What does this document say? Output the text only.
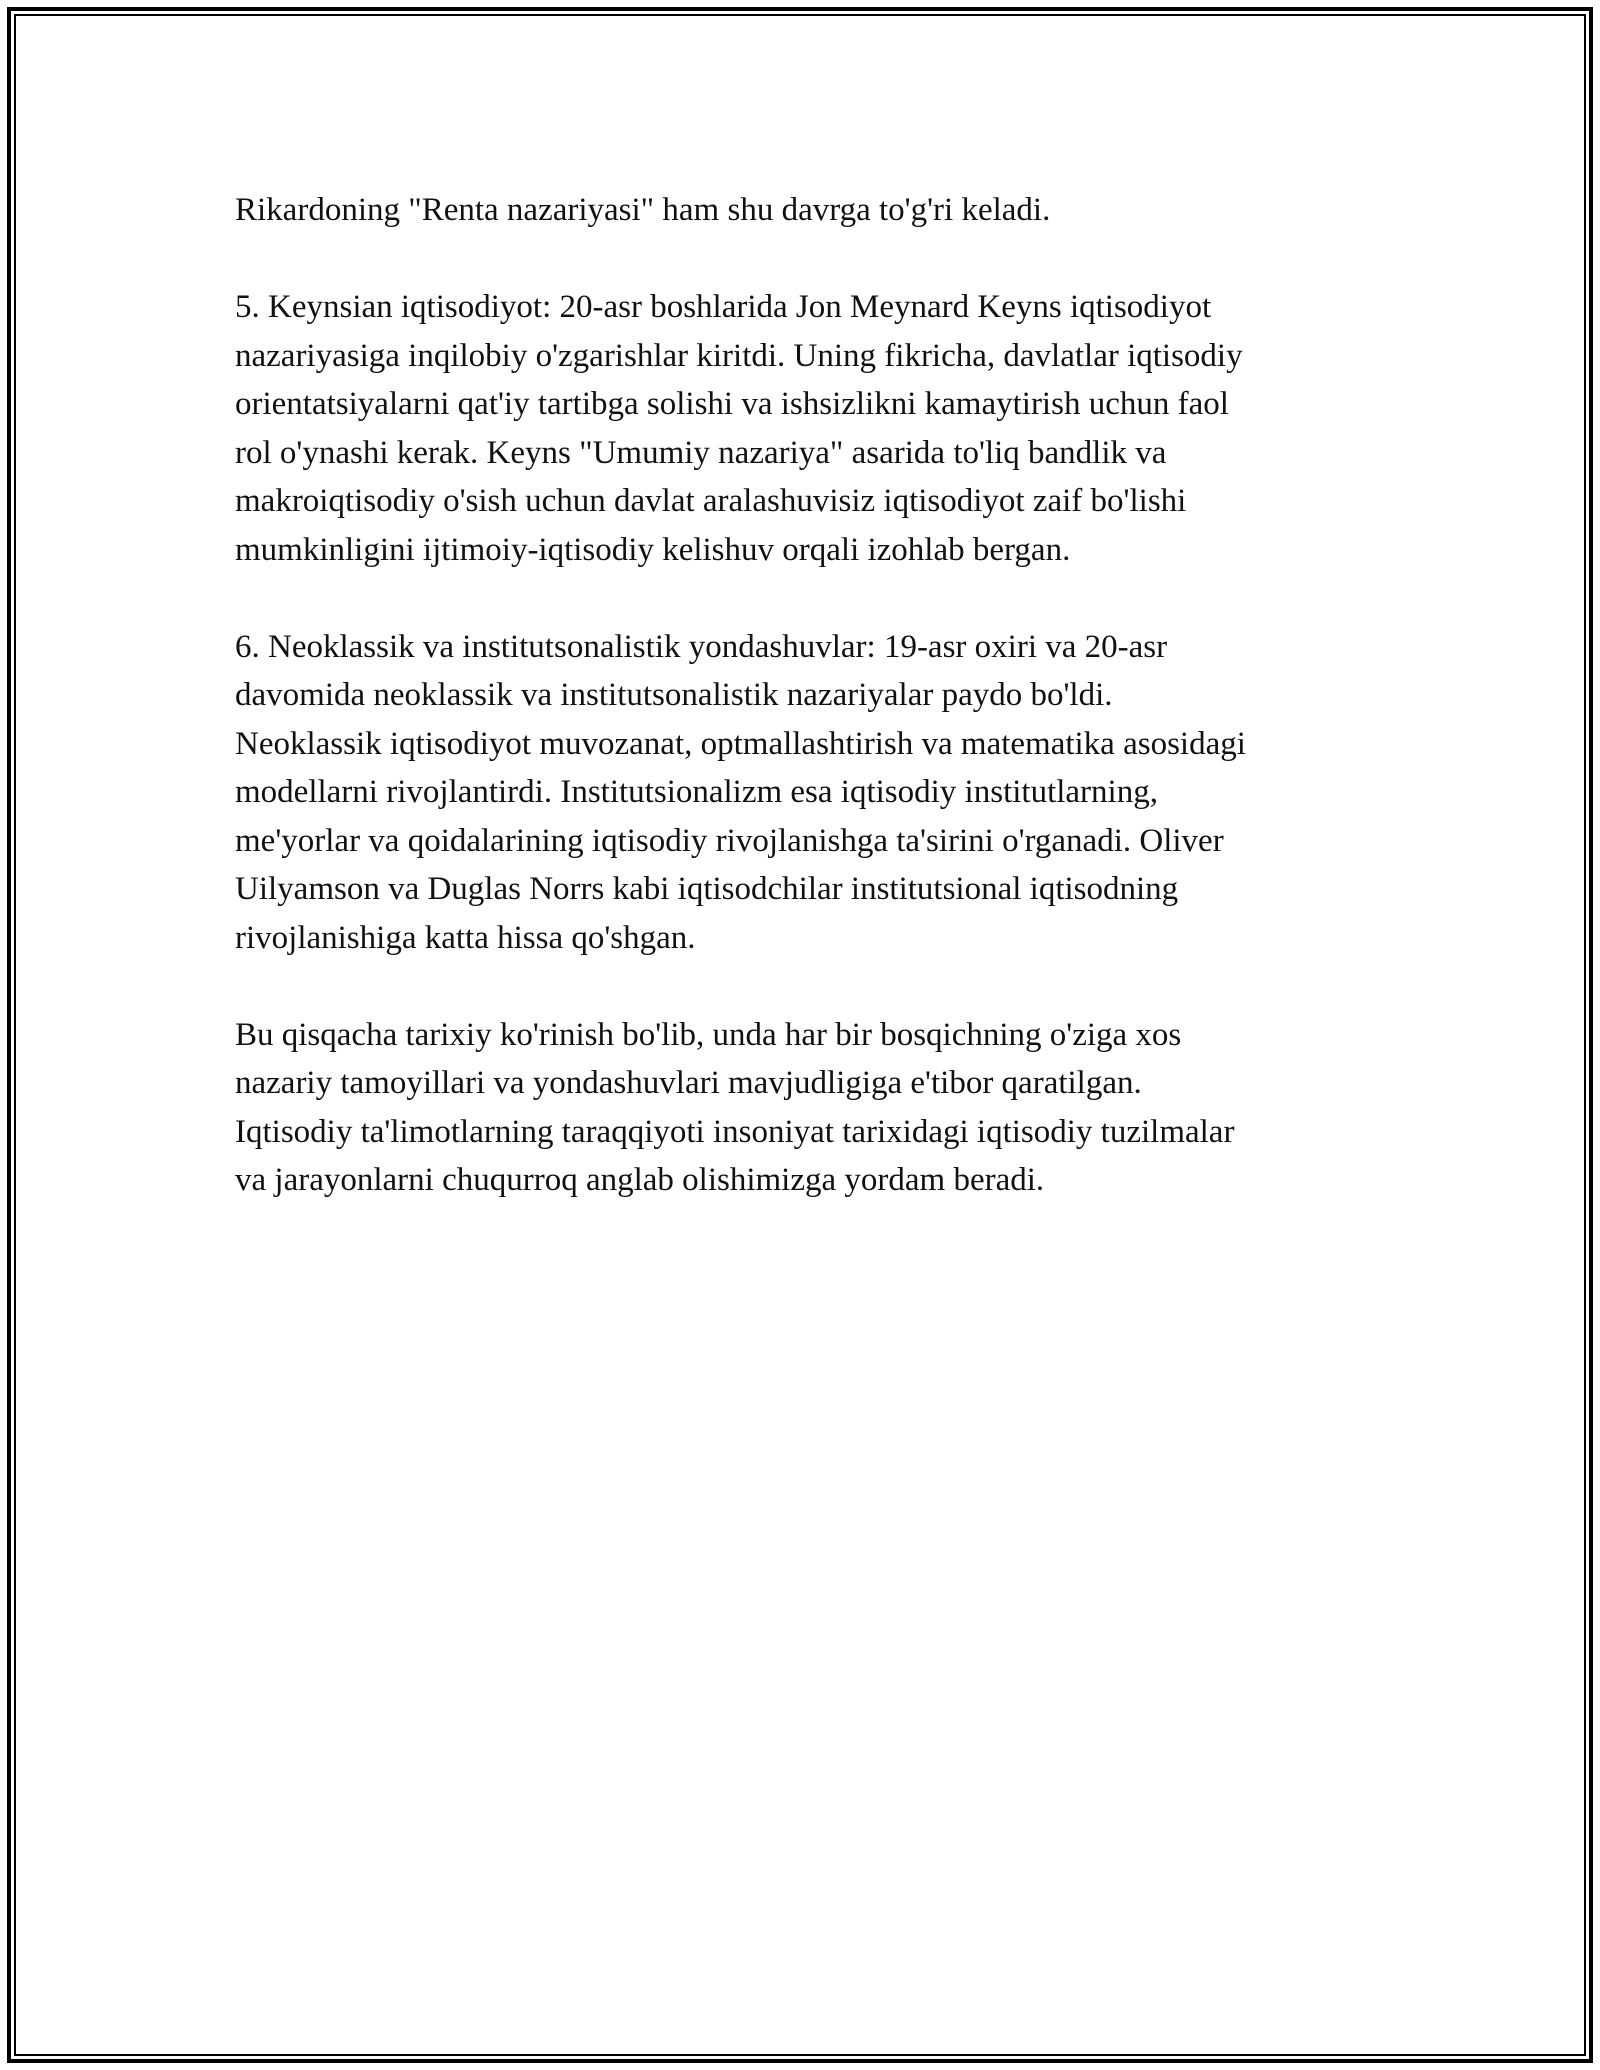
Rikardoning "Renta nazariyasi" ham shu davrga to'g'ri keladi.

5. Keynsian iqtisodiyot: 20-asr boshlarida Jon Meynard Keyns iqtisodiyot
nazariyasiga inqilobiy o'zgarishlar kiritdi. Uning fikricha, davlatlar iqtisodiy
orientatsiyalarni qat'iy tartibga solishi va ishsizlikni kamaytirish uchun faol
rol o'ynashi kerak. Keyns "Umumiy nazariya" asarida to'liq bandlik va
makroiqtisodiy o'sish uchun davlat aralashuvisiz iqtisodiyot zaif bo'lishi
mumkinligini ijtimoiy-iqtisodiy kelishuv orqali izohlab bergan.

6. Neoklassik va institutsonalistik yondashuvlar: 19-asr oxiri va 20-asr
davomida neoklassik va institutsonalistik nazariyalar paydo bo'ldi.
Neoklassik iqtisodiyot muvozanat, optmallashtirish va matematika asosidagi
modellarni rivojlantirdi. Institutsionalizm esa iqtisodiy institutlarning,
me'yorlar va qoidalarining iqtisodiy rivojlanishga ta'sirini o'rganadi. Oliver
Uilyamson va Duglas Norrs kabi iqtisodchilar institutsional iqtisodning
rivojlanishiga katta hissa qo'shgan.

Bu qisqacha tarixiy ko'rinish bo'lib, unda har bir bosqichning o'ziga xos
nazariy tamoyillari va yondashuvlari mavjudligiga e'tibor qaratilgan.
Iqtisodiy ta'limotlarning taraqqiyoti insoniyat tarixidagi iqtisodiy tuzilmalar
va jarayonlarni chuqurroq anglab olishimizga yordam beradi.
